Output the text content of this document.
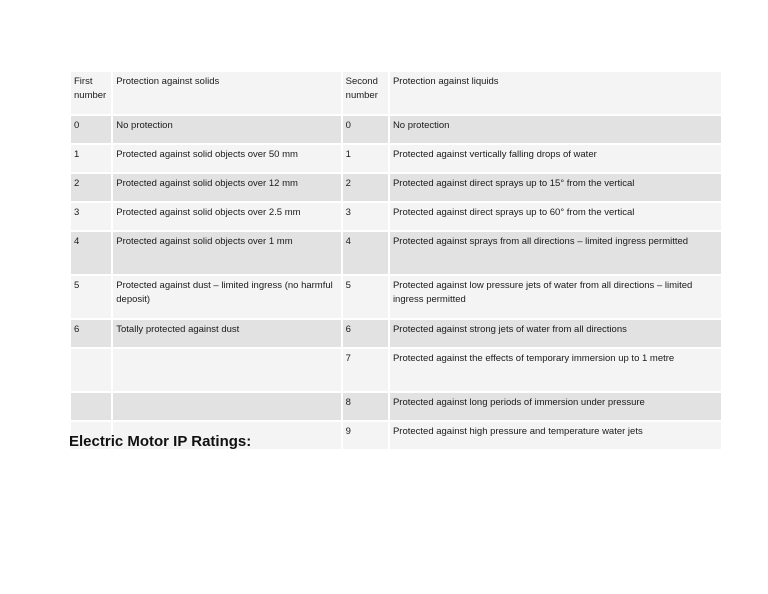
First number	Protection against solids	Second number	Protection against liquids
0	No protection	0	No protection
1	Protected against solid objects over 50 mm	1	Protected against vertically falling drops of water
2	Protected against solid objects over 12 mm	2	Protected against direct sprays up to 15° from the vertical
3	Protected against solid objects over 2.5 mm	3	Protected against direct sprays up to 60° from the vertical
4	Protected against solid objects over 1 mm	4	Protected against sprays from all directions – limited ingress permitted
5	Protected against dust – limited ingress (no harmful deposit)	5	Protected against low pressure jets of water from all directions – limited ingress permitted
6	Totally protected against dust	6	Protected against strong jets of water from all directions
		7	Protected against the effects of temporary immersion up to 1 metre
		8	Protected against long periods of immersion under pressure
		9	Protected against high pressure and temperature water jets
Electric Motor IP Ratings:
